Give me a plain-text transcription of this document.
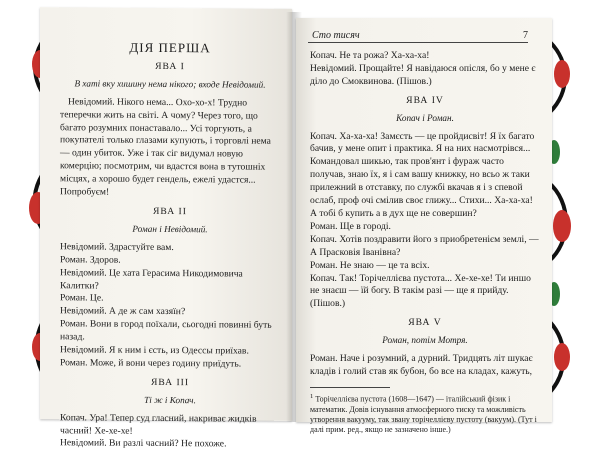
ДІЯ ПЕРША
ЯВА I
В хаті вку хишину нема нікого; входе Невідомий.

Невідомий. Нікого нема... Охо-хо-х! Трудно теперечки жить на світі. А чому? Через того, що багато розумних понаставало... Усі торгують, а покупателі только глазами купують, і торговлі нема — один убиток. Уже і так сіг видумал новую комерцію; посмотрим, чи вдастся вона в тутошніх місцях, а хорошо будет гендель, ежелі удастся... Попробуєм!

ЯВА II
Роман і Невідомий.

Невідомий. Здрастуйте вам.

Роман. Здоров.

Невідомий. Це хата Герасима Никодимовича Калитки?

Роман. Це.

Невідомий. А де ж сам хазяїн?

Роман. Вони в город поїхали, сьогодні повинні буть назад.

Невідомий. Я к ним і єсть, из Одессы приїхав.

Роман. Може, й вони через годину приїдуть.

ЯВА III
Ті ж і Копач.

Копач. Ура! Тепер суд гласний, накриває жидків часний! Хе-хе-хе!

Невідомий. Ви разлі часний? Не похоже.

Сто тисяч	7

Копач. Не та рожа? Ха-ха-ха!

Невідомий. Прощайте! Я навідаюся опісля, бо у мене є діло до Смоквинова. (Пішов.)

ЯВА IV
Копач і Роман.

Копач. Ха-ха-ха! Замєсть — це пройдисвіт! Я їх багато бачив, у мене опит і практика. Я на них насмотрівся... Командовал шикью, так пров'янт і фураж часто получав, знаю їх, я і сам вашу книжку, но всьо ж таки прилежний в отставку, по службі вкачав я і з спевой ослаб, проф очі смілив своє глижу... Стихи... Ха-ха-ха! А тобі б купить а в дух ще не совершин?

Роман. Ще в городі.

Копач. Хотів поздравити його з приобретенієм землі, — А Прасковія Іванівна?

Роман. Не знаю — це та всіх.

Копач. Так! Торічеллієва пустота... Хе-хе-хе! Ти иншо не знаєш — їй богу. В такім разі — ще я прийду. (Пішов.)

ЯВА V
Роман, потім Мотря.

Роман. Наче і розумний, а дурний. Тридцять літ шукає кладів і голий став як бубон, бо все на кладах, кажуть,

$^1$ Торічеллієва пустота (1608—1647) — італійський фізик і математик. Довів існування атмосферного тиску та можливість утворення вакууму, так звану торічеллієву пустоту (вакуум). (Тут і далі прим. ред., якщо не зазначено інше.)
